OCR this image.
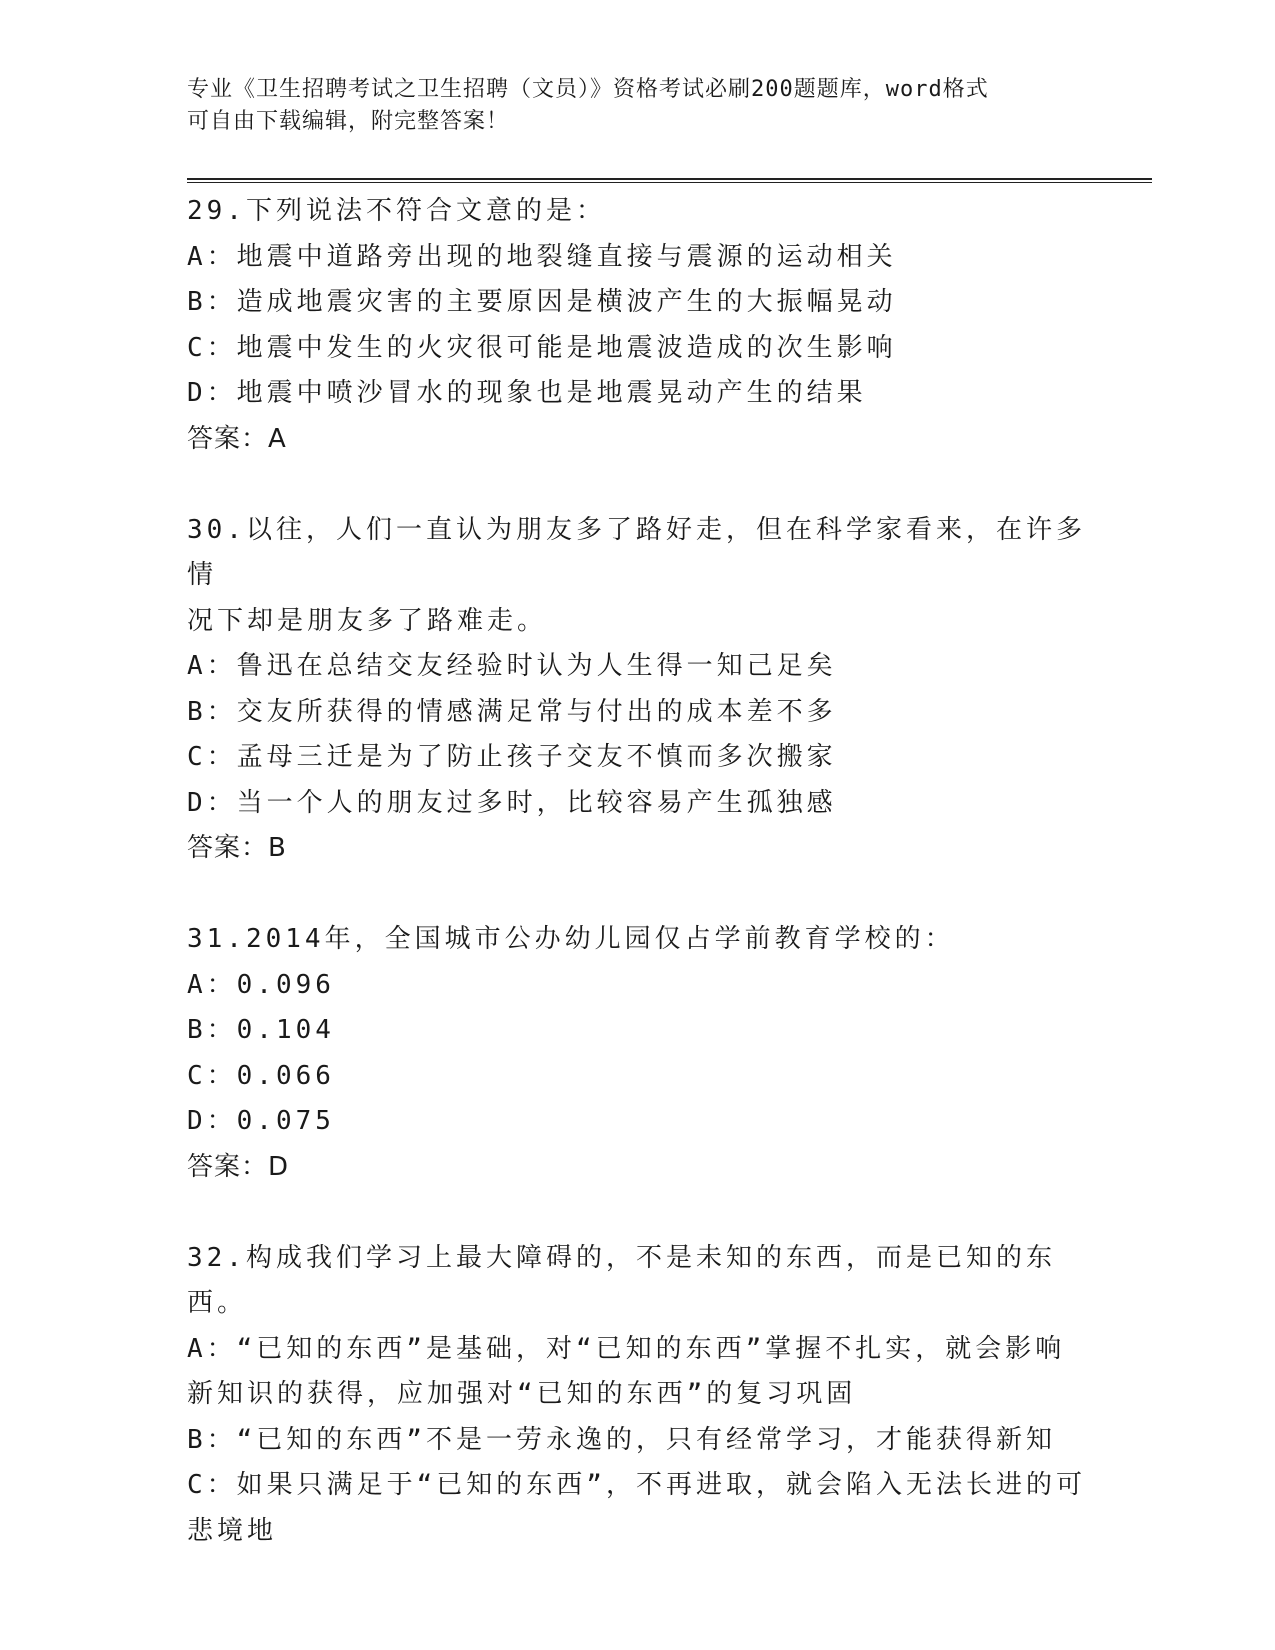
专业《卫生招聘考试之卫生招聘（文员）》资格考试必刷200题题库，word格式
可自由下载编辑，附完整答案！
29.下列说法不符合文意的是：
A：地震中道路旁出现的地裂缝直接与震源的运动相关
B：造成地震灾害的主要原因是横波产生的大振幅晃动
C：地震中发生的火灾很可能是地震波造成的次生影响
D：地震中喷沙冒水的现象也是地震晃动产生的结果
答案：A
30.以往，人们一直认为朋友多了路好走，但在科学家看来，在许多情
况下却是朋友多了路难走。
A：鲁迅在总结交友经验时认为人生得一知己足矣
B：交友所获得的情感满足常与付出的成本差不多
C：孟母三迁是为了防止孩子交友不慎而多次搬家
D：当一个人的朋友过多时，比较容易产生孤独感
答案：B
31.2014年，全国城市公办幼儿园仅占学前教育学校的：
A：0.096
B：0.104
C：0.066
D：0.075
答案：D
32.构成我们学习上最大障碍的，不是未知的东西，而是已知的东西。
A：“已知的东西”是基础，对“已知的东西”掌握不扎实，就会影响
新知识的获得，应加强对“已知的东西”的复习巩固
B：“已知的东西”不是一劳永逸的，只有经常学习，才能获得新知
C：如果只满足于“已知的东西”，不再进取，就会陷入无法长进的可
悲境地
